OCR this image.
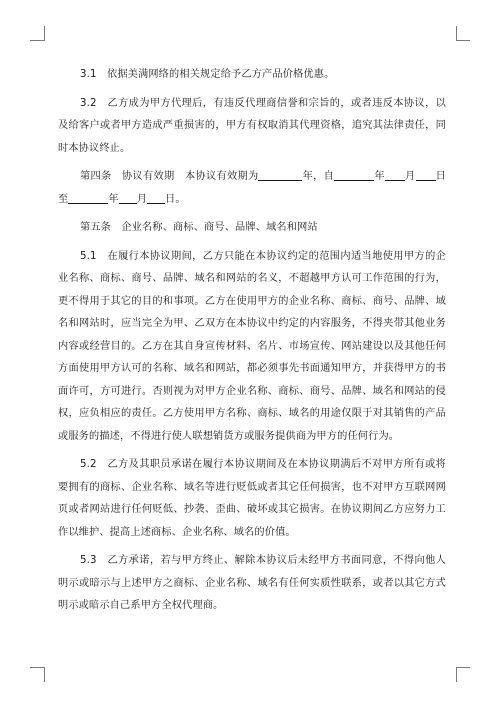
3.1　依据美满网络的相关规定给予乙方产品价格优惠。

3.2　乙方成为甲方代理后，有违反代理商信誉和宗旨的，或者违反本协议，以及给客户或者甲方造成严重损害的，甲方有权取消其代理资格，追究其法律责任，同时本协议终止。

第四条　协议有效期　本协议有效期为	年，自	年 月 日至	年 月 日。

第五条　企业名称、商标、商号、品牌、域名和网站

5.1　在履行本协议期间，乙方只能在本协议约定的范围内适当地使用甲方的企业名称、商标、商号、品牌、域名和网站的名义，不超越甲方认可工作范围的行为，更不得用于其它的目的和事项。乙方在使用甲方的企业名称、商标、商号、品牌、域名和网站时，应当完全为甲、乙双方在本协议中约定的内容服务，不得夹带其他业务内容或经营目的。乙方在其自身宣传材料、名片、市场宣传、网站建设以及其他任何方面使用甲方认可的名称、域名和网站，都必须事先书面通知甲方，并获得甲方的书面许可，方可进行。否则视为对甲方企业名称、商标、商号、品牌、域名和网站的侵权，应负相应的责任。乙方使用甲方名称、商标、域名的用途仅限于对其销售的产品或服务的描述，不得进行使人联想销货方或服务提供商为甲方的任何行为。

5.2　乙方及其职员承诺在履行本协议期间及在本协议期满后不对甲方所有或将要拥有的商标、企业名称、域名等进行贬低或者其它任何损害，也不对甲方互联网网页或者网站进行任何贬低、抄袭、歪曲、破坏或其它损害。在协议期间乙方应努力工作以维护、提高上述商标、企业名称、域名的价值。

5.3　乙方承诺，若与甲方终止、解除本协议后未经甲方书面同意，不得向他人明示或暗示与上述甲方之商标、企业名称、域名有任何实质性联系，或者以其它方式明示或暗示自己系甲方全权代理商。
